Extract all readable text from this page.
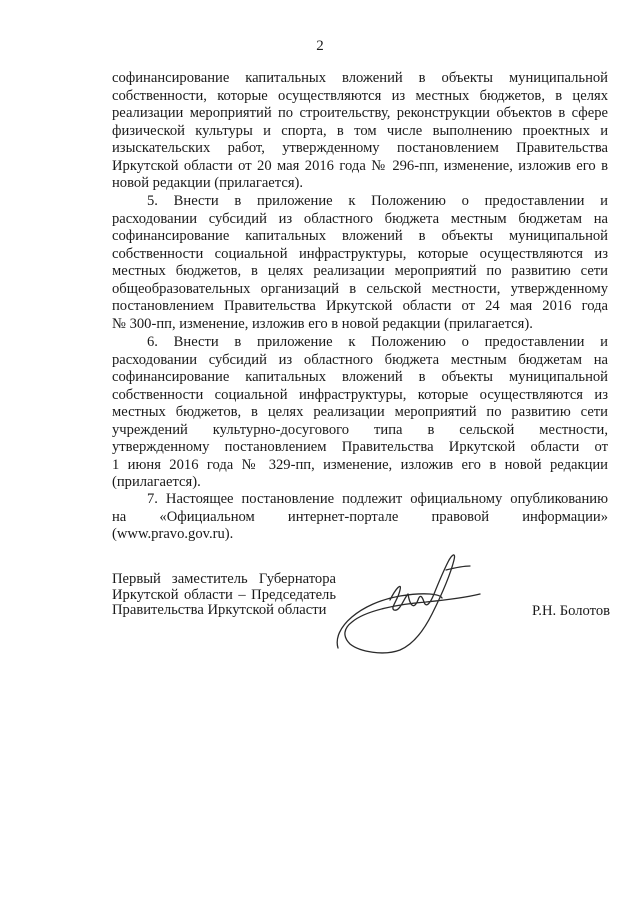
2
софинансирование капитальных вложений в объекты муниципальной
собственности, которые осуществляются из местных бюджетов, в целях
реализации мероприятий по строительству, реконструкции объектов в сфере
физической культуры и спорта, в том числе выполнению проектных и
изыскательских работ, утвержденному постановлением Правительства
Иркутской области от 20 мая 2016 года № 296-пп, изменение, изложив его в
новой редакции (прилагается).
5. Внести в приложение к Положению о предоставлении и
расходовании субсидий из областного бюджета местным бюджетам на
софинансирование капитальных вложений в объекты муниципальной
собственности социальной инфраструктуры, которые осуществляются из
местных бюджетов, в целях реализации мероприятий по развитию сети
общеобразовательных организаций в сельской местности, утвержденному
постановлением Правительства Иркутской области от 24 мая 2016 года
№ 300-пп, изменение, изложив его в новой редакции (прилагается).
6. Внести в приложение к Положению о предоставлении и
расходовании субсидий из областного бюджета местным бюджетам на
софинансирование капитальных вложений в объекты муниципальной
собственности социальной инфраструктуры, которые осуществляются из
местных бюджетов, в целях реализации мероприятий по развитию сети
учреждений культурно-досугового типа в сельской местности,
утвержденному постановлением Правительства Иркутской области от
1 июня 2016 года № 329-пп, изменение, изложив его в новой редакции
(прилагается).
7. Настоящее постановление подлежит официальному опубликованию
на «Официальном интернет-портале правовой информации»
(www.pravo.gov.ru).
Первый заместитель Губернатора
Иркутской области – Председатель
Правительства Иркутской области	Р.Н. Болотов
